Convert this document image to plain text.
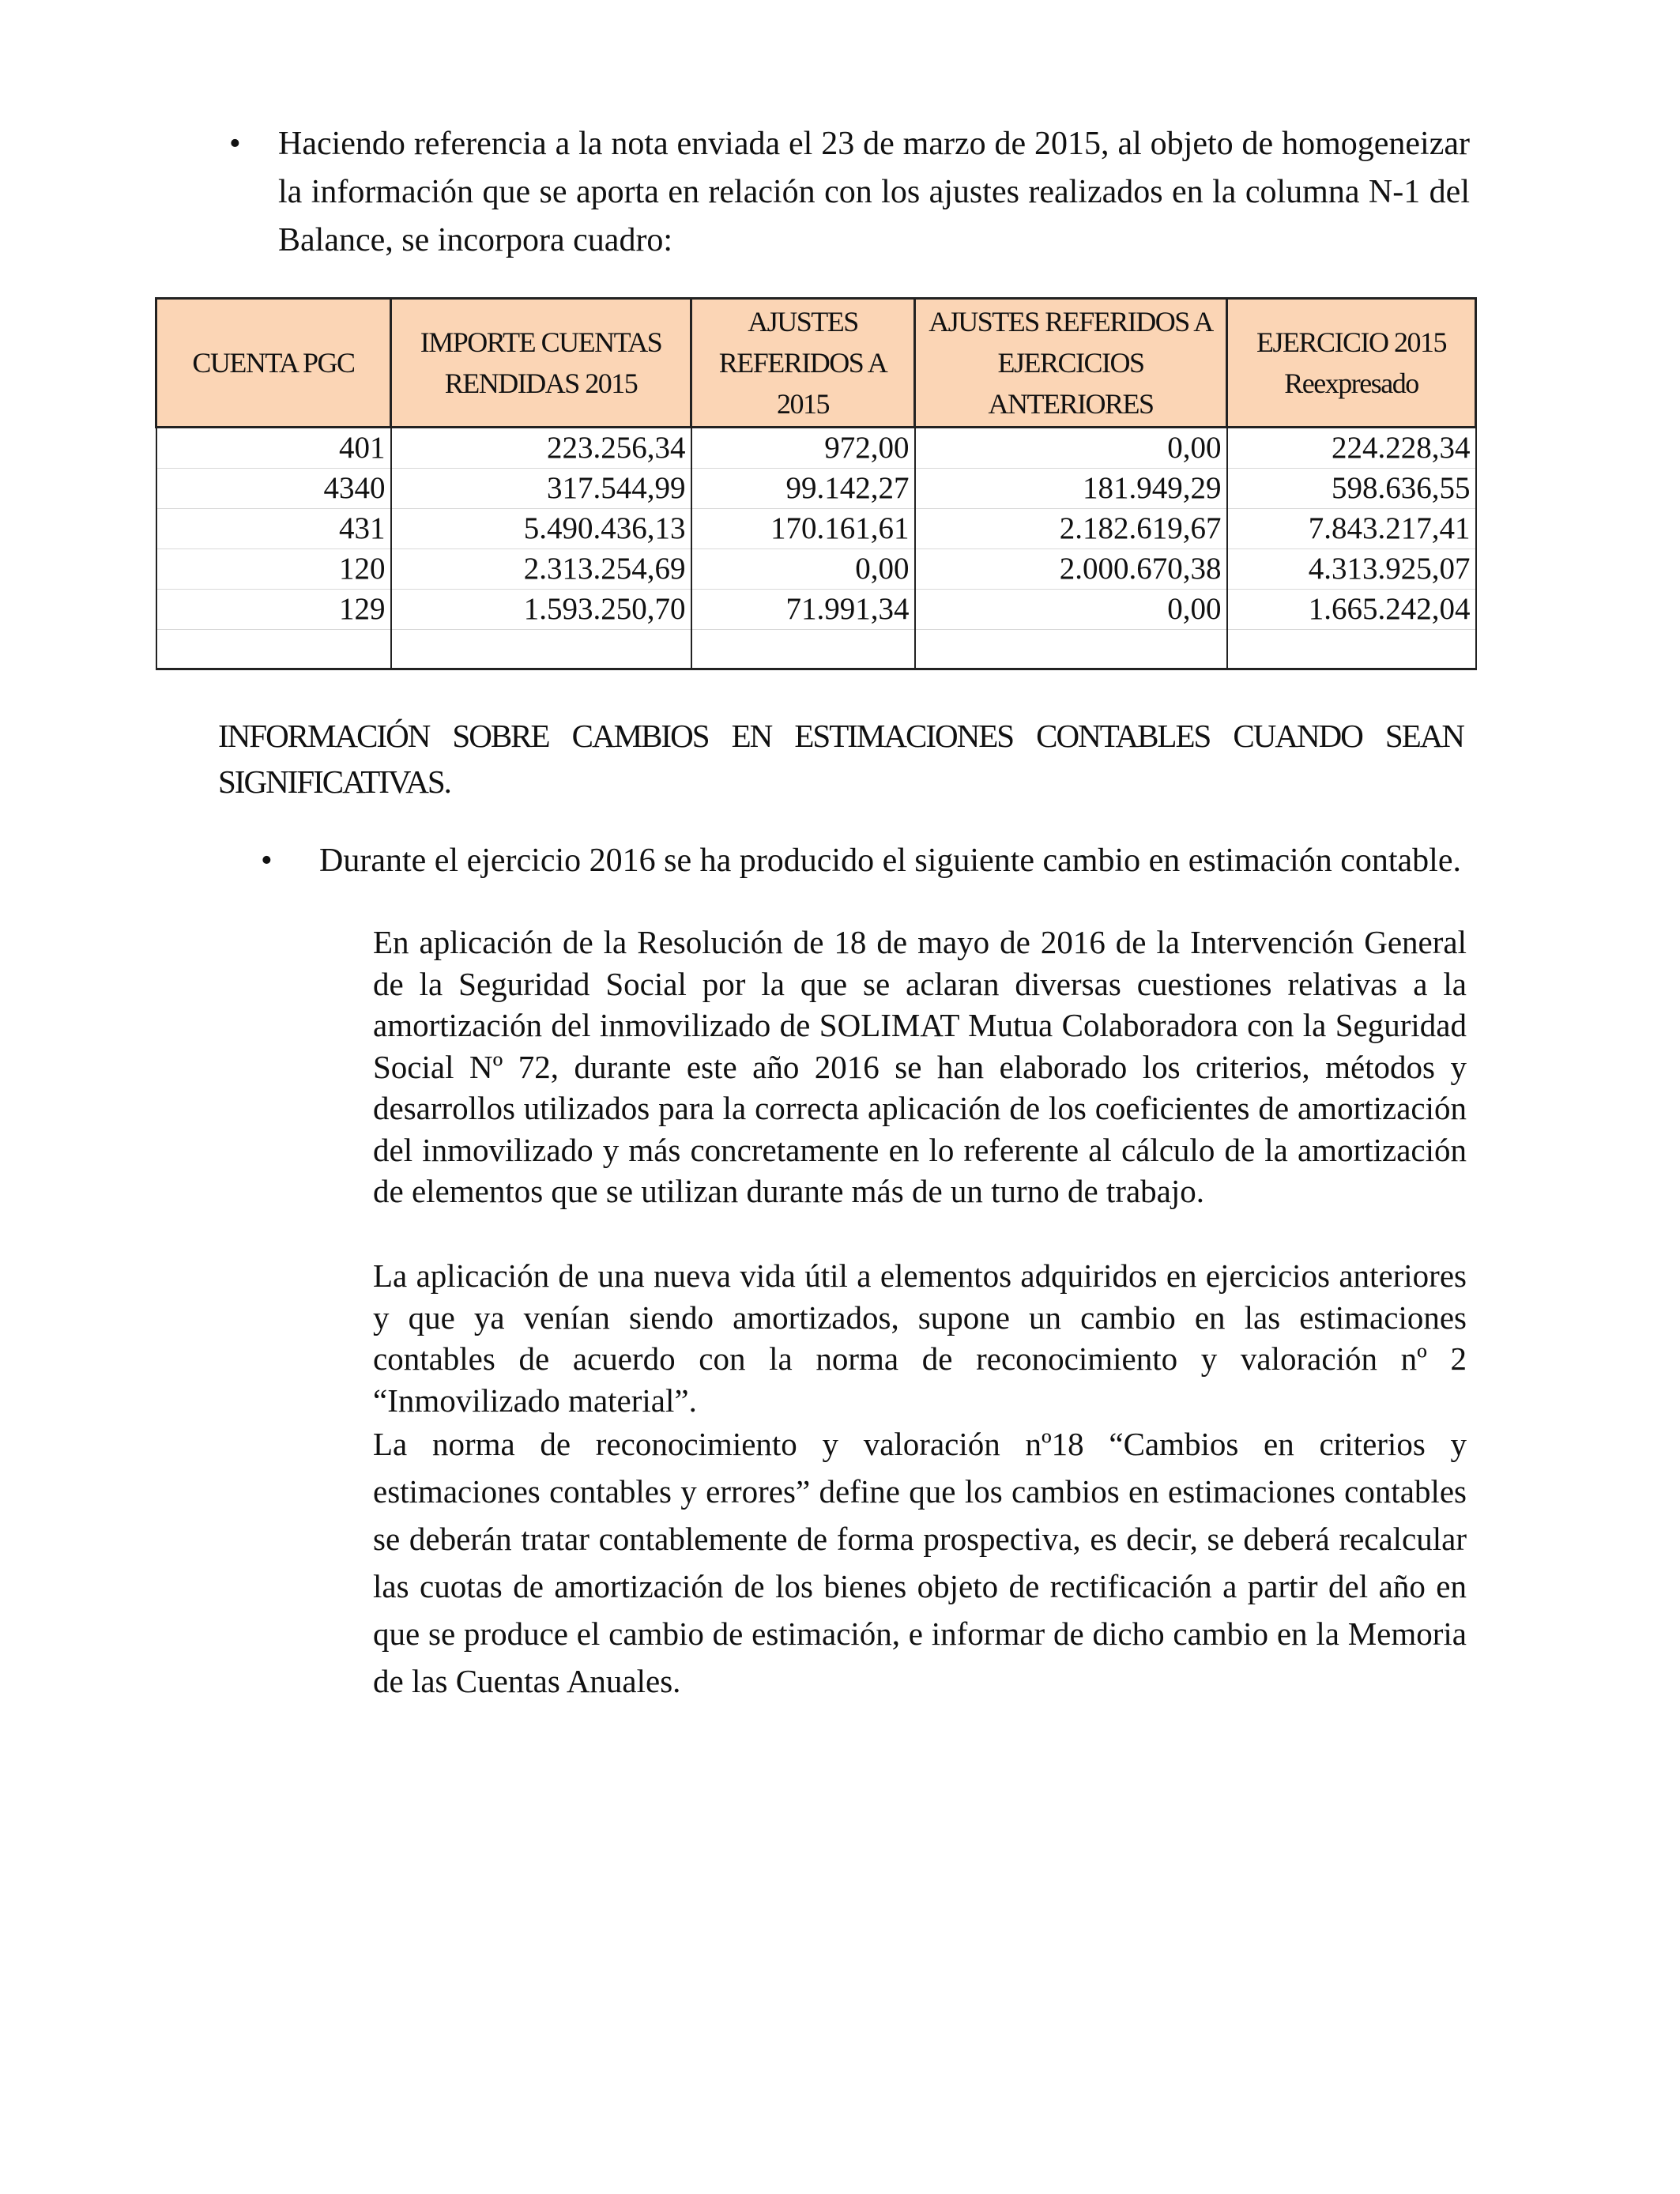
• Haciendo referencia a la nota enviada el 23 de marzo de 2015, al objeto de homogeneizar la información que se aporta en relación con los ajustes realizados en la columna N-1 del Balance, se incorpora cuadro:
CUENTA PGC	IMPORTE CUENTAS RENDIDAS 2015	AJUSTES REFERIDOS A 2015	AJUSTES REFERIDOS A EJERCICIOS ANTERIORES	EJERCICIO 2015 Reexpresado
401	223.256,34	972,00	0,00	224.228,34
4340	317.544,99	99.142,27	181.949,29	598.636,55
431	5.490.436,13	170.161,61	2.182.619,67	7.843.217,41
120	2.313.254,69	0,00	2.000.670,38	4.313.925,07
129	1.593.250,70	71.991,34	0,00	1.665.242,04

INFORMACIÓN SOBRE CAMBIOS EN ESTIMACIONES CONTABLES CUANDO SEAN SIGNIFICATIVAS.
• Durante el ejercicio 2016 se ha producido el siguiente cambio en estimación contable.
En aplicación de la Resolución de 18 de mayo de 2016 de la Intervención General de la Seguridad Social por la que se aclaran diversas cuestiones relativas a la amortización del inmovilizado de SOLIMAT Mutua Colaboradora con la Seguridad Social Nº 72, durante este año 2016 se han elaborado los criterios, métodos y desarrollos utilizados para la correcta aplicación de los coeficientes de amortización del inmovilizado y más concretamente en lo referente al cálculo de la amortización de elementos que se utilizan durante más de un turno de trabajo.
La aplicación de una nueva vida útil a elementos adquiridos en ejercicios anteriores y que ya venían siendo amortizados, supone un cambio en las estimaciones contables de acuerdo con la norma de reconocimiento y valoración nº 2 “Inmovilizado material”.
La norma de reconocimiento y valoración nº18 “Cambios en criterios y estimaciones contables y errores” define que los cambios en estimaciones contables se deberán tratar contablemente de forma prospectiva, es decir, se deberá recalcular las cuotas de amortización de los bienes objeto de rectificación a partir del año en que se produce el cambio de estimación, e informar de dicho cambio en la Memoria de las Cuentas Anuales.
